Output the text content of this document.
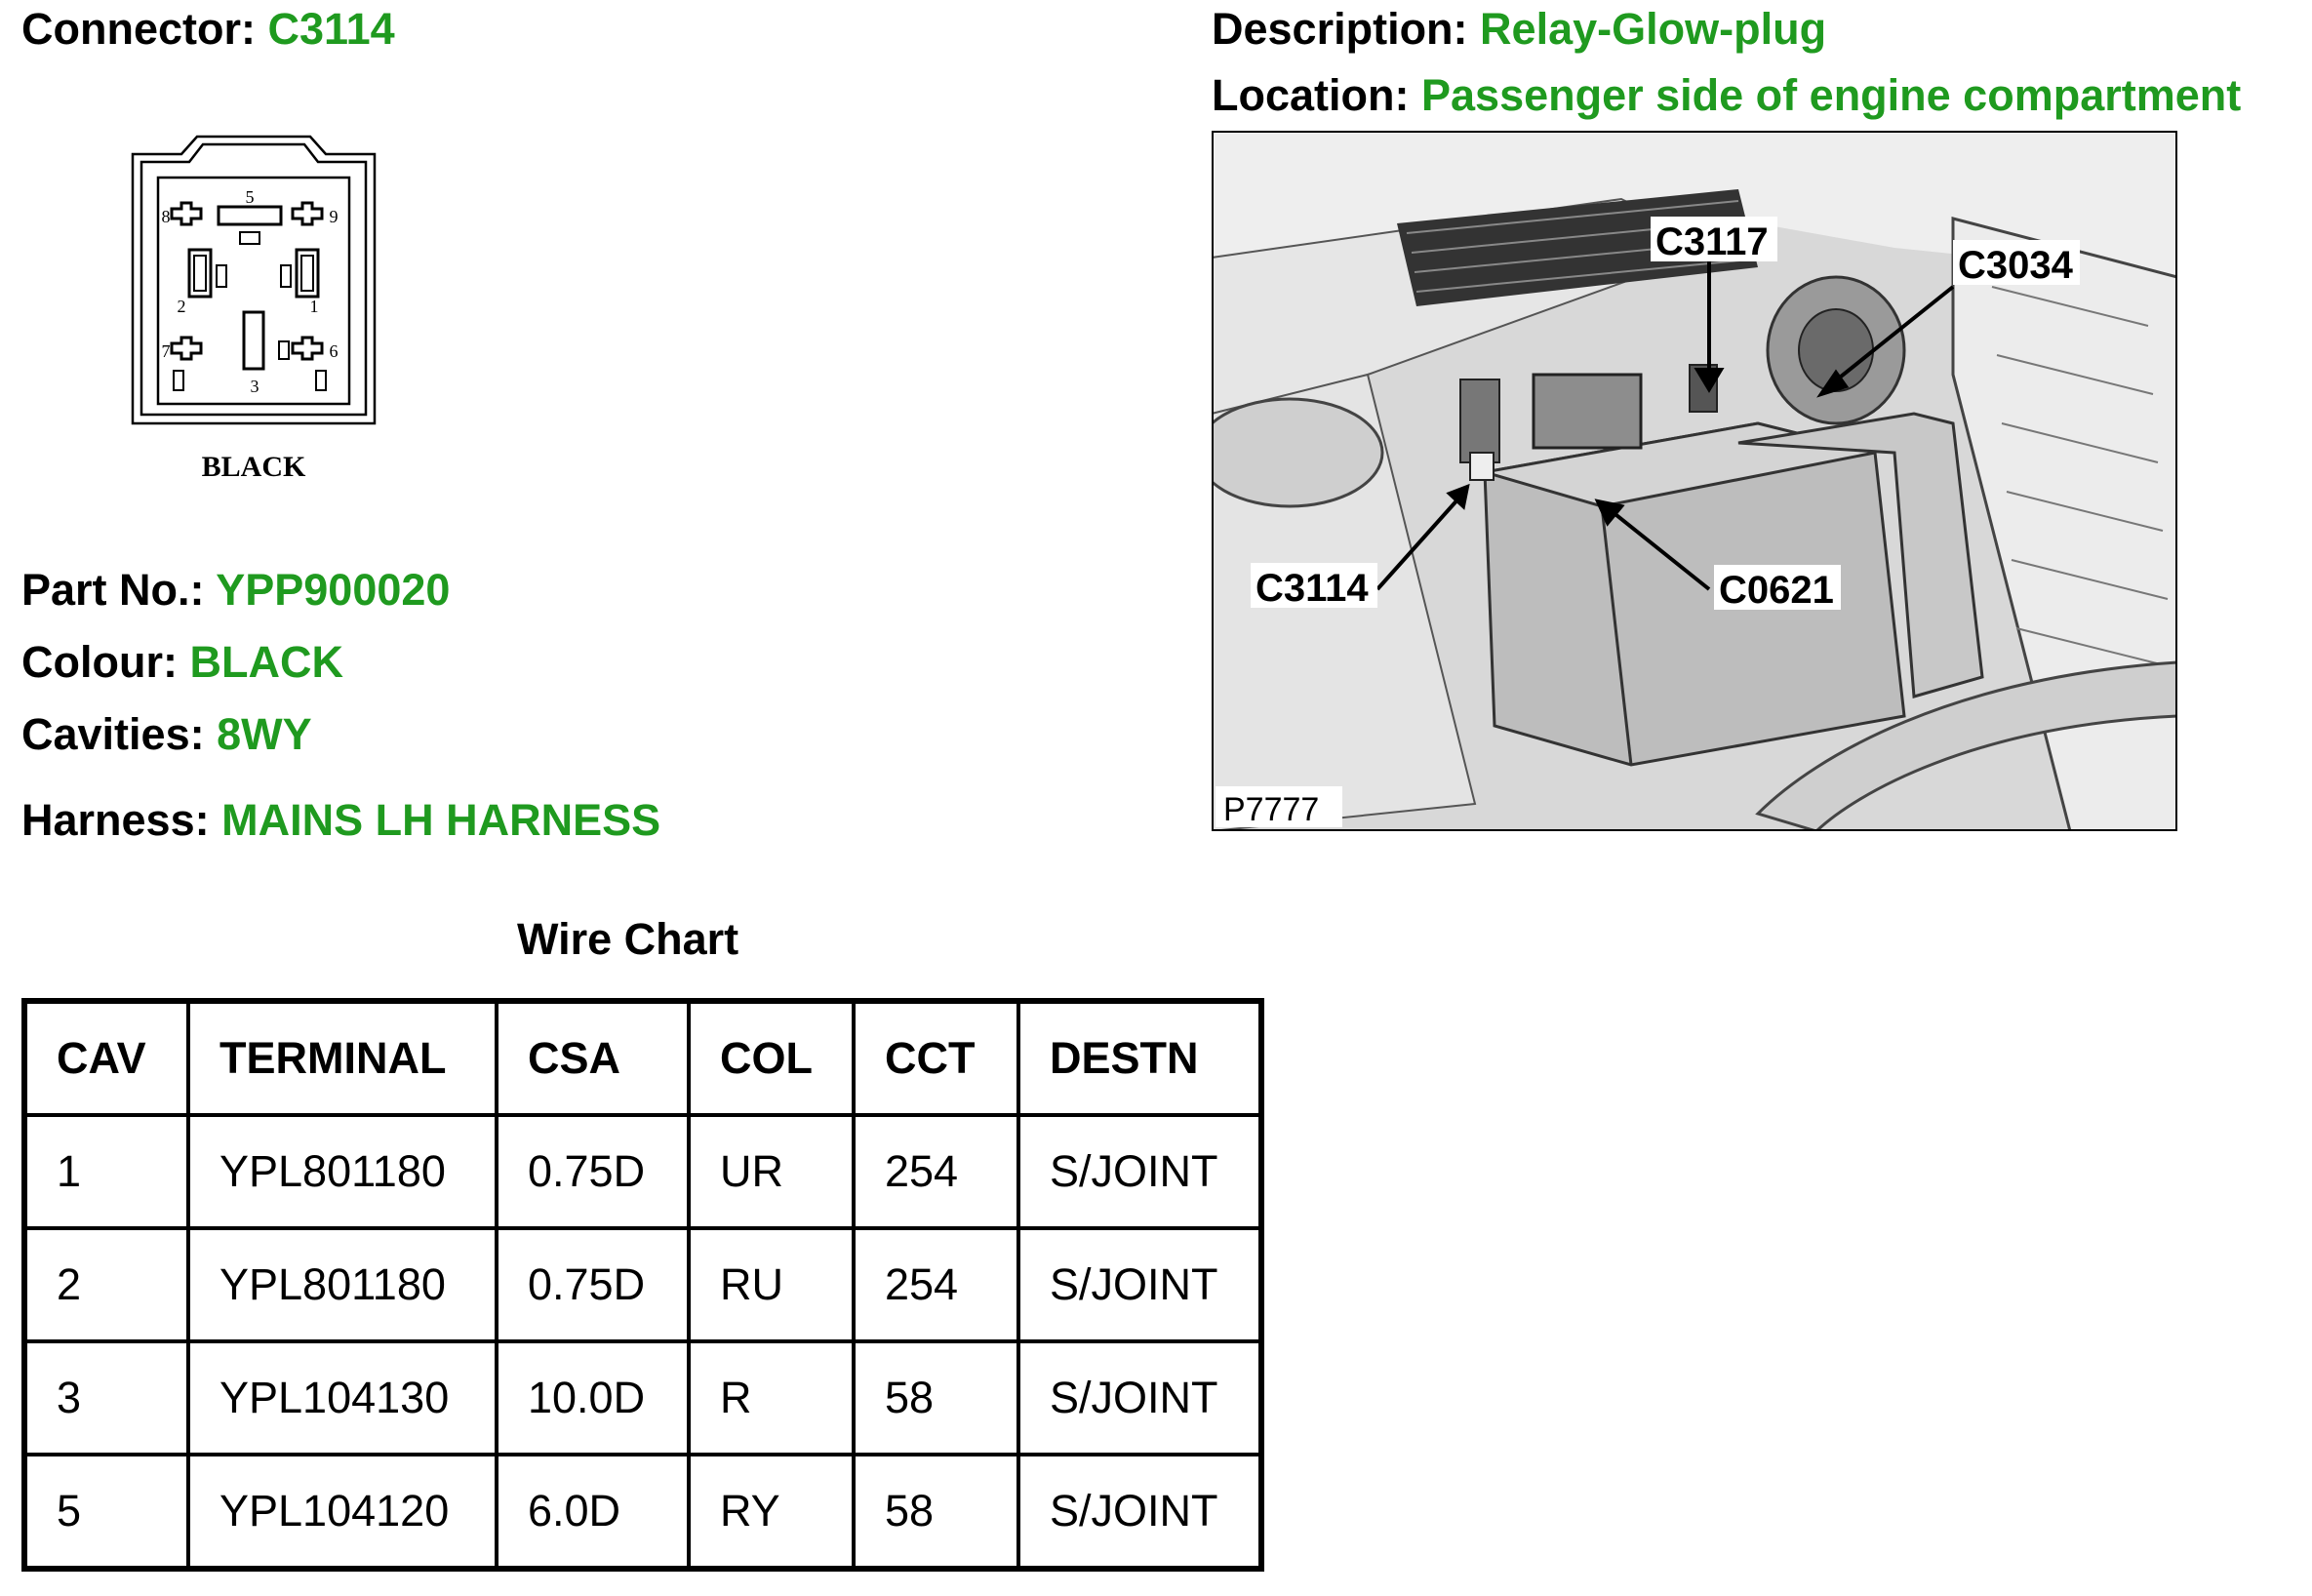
Connector: C3114	Description: Relay-Glow-plug

Location: Passenger side of engine compartment

1
2
3
5
6
7
8	9
BLACK

Part No.: YPP900020

Colour: BLACK

Cavities: 8WY

Harness: MAINS LH HARNESS

C3117
C3034
C3114	C0621
P7777

Wire Chart

CAV	TERMINAL	CSA	COL	CCT	DESTN
1	YPL801180	0.75D	UR	254	S/JOINT
2	YPL801180	0.75D	RU	254	S/JOINT
3	YPL104130	10.0D	R	58	S/JOINT
5	YPL104120	6.0D	RY	58	S/JOINT
